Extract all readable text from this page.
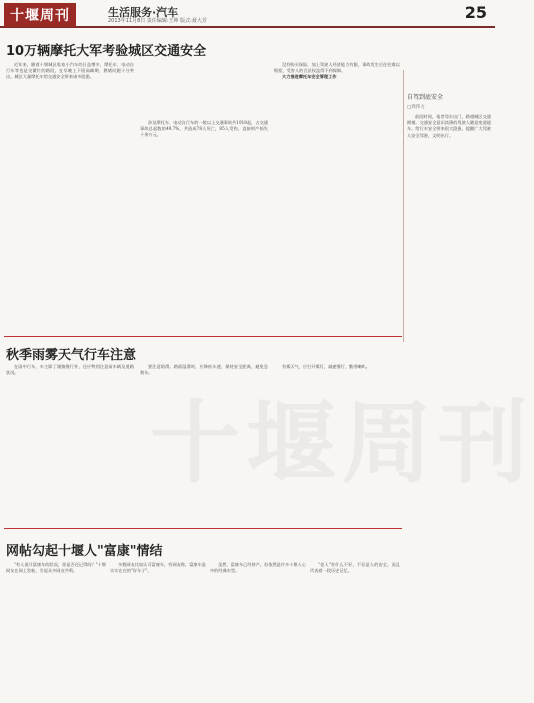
十堰周刊	生活服务·汽车
2013年11月8日 责任编辑:王坤 版式:聂大芳	25
十堰周刊
10万辆摩托大军考验城区交通安全

近年来，随着十堰城区私家小汽车的日益增多，摩托车、电动自行车等也是交繁忙的路段，在早晚上下班高峰期，拥堵问题十分突出。城区大量摩托车给交通安全带来诸多隐患。

涉及摩托车、电动自行车的一般以上交通事故共1918起，占交通事故总起数的49.7%，共造成78人死亡，85人受伤，直接财产损失十余万元。

没有购买保险，加上驾驶人经济能力有限，事故发生后往往难以赔偿，受害人的合法权益得不到保障。

大力推进摩托车安全管理工作

自驾到底安全
□周伟力

前段时间，笔者驾车出门，路遇城区交通拥堵。交通安全意识淡薄的驾驶人随意变道超车，给行车安全带来很大隐患。提醒广大驾驶人安全驾驶，文明出行。

秋季雨雾天气行车注意

在雨中行车，车主除了谨慎慢行外，还应特别注意前车辆及道路状况。

要注意防滑。路面湿滑时，应降低车速，保持安全距离，避免急刹车。

有雾天气，应打开雾灯，减速慢行，勤用喇叭。

网帖勾起十堰人"富康"情结

"有人说开富康车的状况，你是否还记得吗？"十堰网友在网上发帖，引起众多网友共鸣。

多数网友比较认可富康车，有网友称，富康车是实实在在的"好车子"。

虽然，富康车已经停产，但依然是许多十堰人心中的经典车型。

"老人"有什么不好，不仅是人的安全，而且代表着一段历史记忆。
